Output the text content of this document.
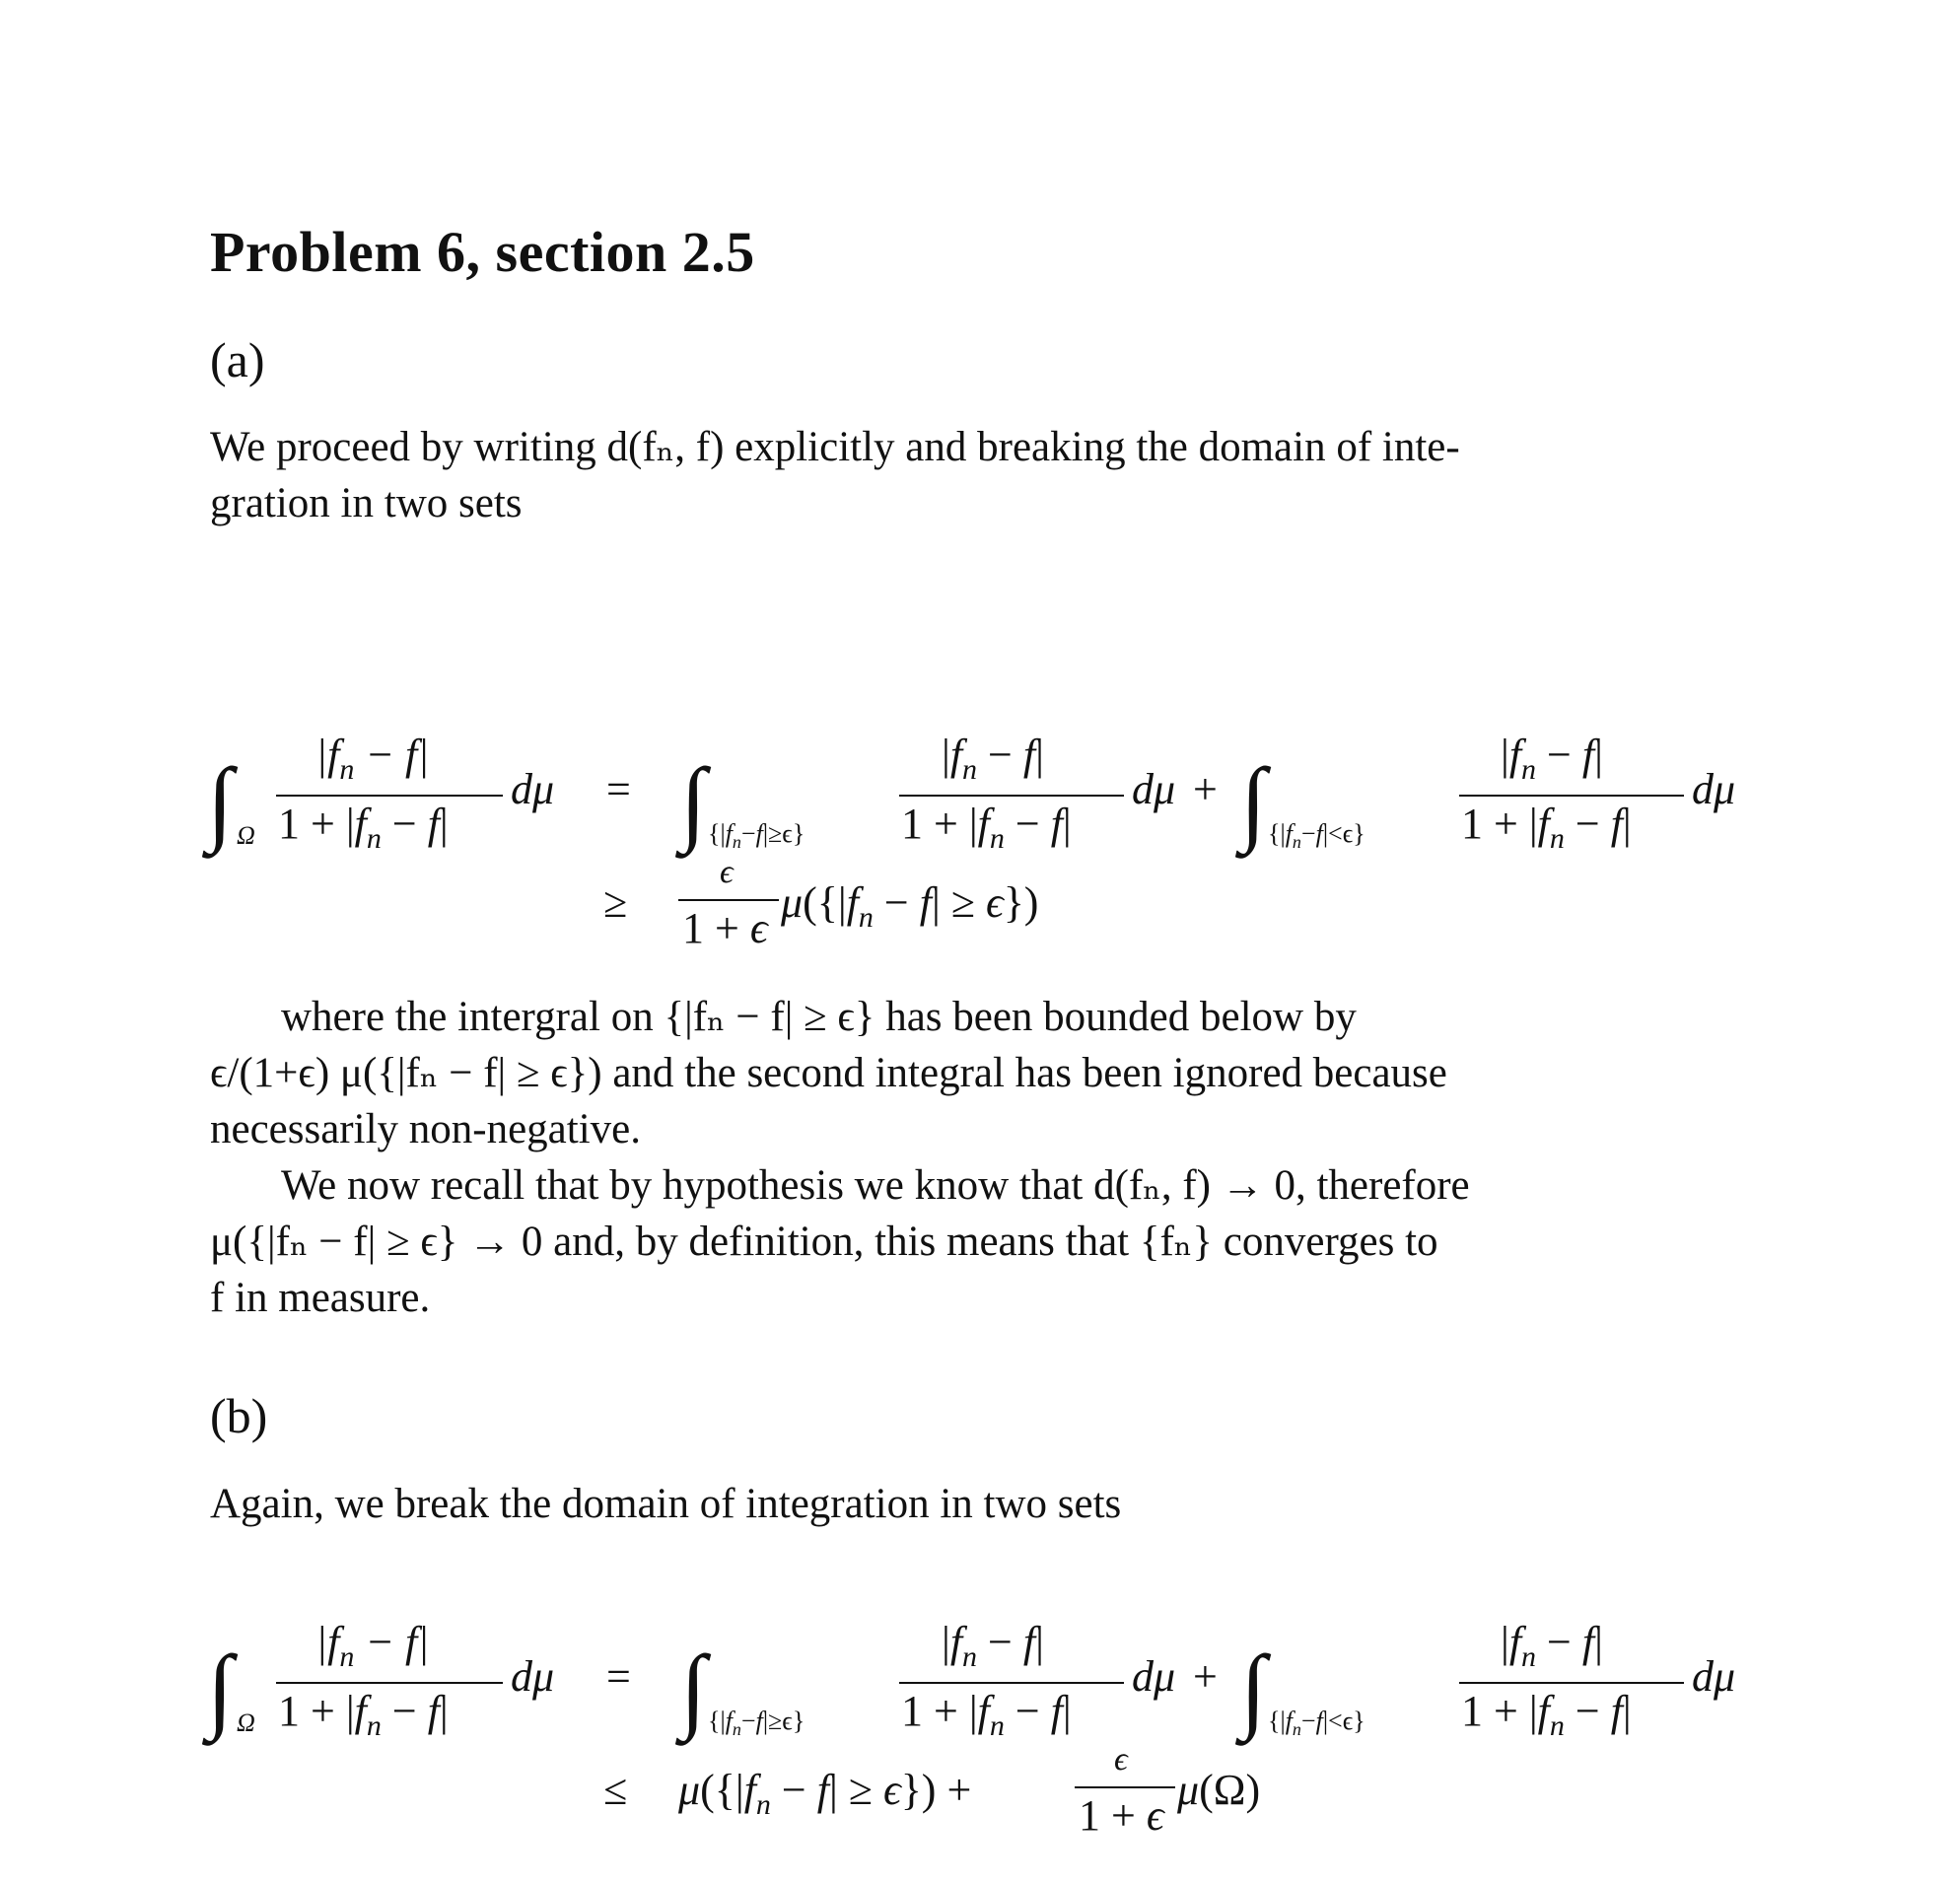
Problem 6, section 2.5
(a)
We proceed by writing d(fₙ, f) explicitly and breaking the domain of inte-
gration in two sets
∫ Ω
$|f_n - f|$
$1 + |f_n - f|$
dμ = ∫ $\{|f_n-f|\ge\epsilon\}$
$|f_n - f|$
$1 + |f_n - f|$
dμ + ∫ $\{|f_n-f|<\epsilon\}$
$|f_n - f|$
$1 + |f_n - f|$
dμ
≥
ϵ
1 + ϵ
$\mu(\{|f_n - f| \ge \epsilon\})$
where the intergral on {|fₙ − f| ≥ ϵ} has been bounded below by
ϵ/(1+ϵ) μ({|fₙ − f| ≥ ϵ}) and the second integral has been ignored because
necessarily non-negative.
We now recall that by hypothesis we know that d(fₙ, f) → 0, therefore
μ({|fₙ − f| ≥ ϵ} → 0 and, by definition, this means that {fₙ} converges to
f in measure.
(b)
Again, we break the domain of integration in two sets
∫ Ω
$|f_n - f|$
$1 + |f_n - f|$
dμ = ∫ $\{|f_n-f|\ge\epsilon\}$
$|f_n - f|$
$1 + |f_n - f|$
dμ + ∫ $\{|f_n-f|<\epsilon\}$
$|f_n - f|$
$1 + |f_n - f|$
dμ
≤ $\mu(\{|f_n - f| \ge \epsilon\})$ +
ϵ
1 + ϵ
μ(Ω)
